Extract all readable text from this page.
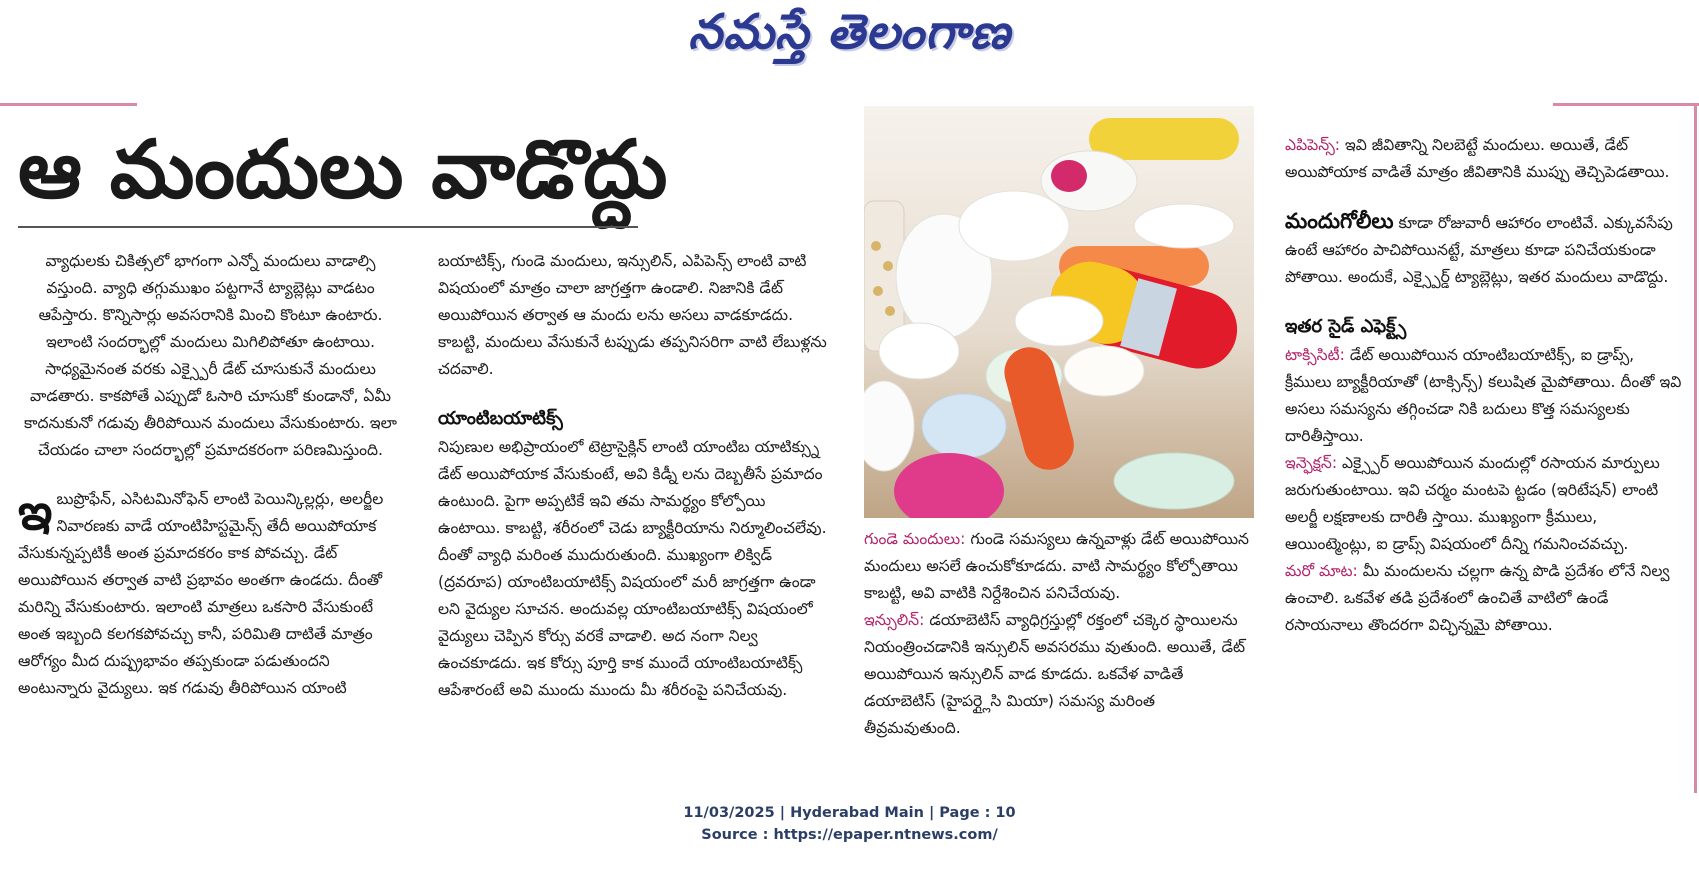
నమస్తే తెలంగాణ
ఆ మందులు వాడొద్దు

వ్యాధులకు చికిత్సలో భాగంగా ఎన్నో మందులు వాడాల్సి వస్తుంది. వ్యాధి తగ్గుముఖం పట్టగానే ట్యాబ్లెట్లు వాడటం ఆపేస్తారు. కొన్నిసార్లు అవసరానికి మించి కొంటూ ఉంటారు. ఇలాంటి సందర్భాల్లో మందులు మిగిలిపోతూ ఉంటాయి. సాధ్యమైనంత వరకు ఎక్స్పైరీ డేట్ చూసుకునే మందులు వాడతారు. కాకపోతే ఎప్పుడో ఓసారి చూసుకో కుండానో, ఏమీ కాదనుకునో గడువు తీరిపోయిన మందులు వేసుకుంటారు. ఇలా చేయడం చాలా సందర్భాల్లో ప్రమాదకరంగా పరిణమిస్తుంది.

ఇబుప్రొఫేన్, ఎసిటమినోఫెన్ లాంటి పెయిన్కిల్లర్లు, అలర్జీల నివారణకు వాడే యాంటిహిస్టమైన్స్ తేదీ అయిపోయాక వేసుకున్నప్పటికీ అంత ప్రమాదకరం కాక పోవచ్చు. డేట్ అయిపోయిన తర్వాత వాటి ప్రభావం అంతగా ఉండదు. దీంతో మరిన్ని వేసుకుంటారు. ఇలాంటి మాత్రలు ఒకసారి వేసుకుంటే అంత ఇబ్బంది కలగకపోవచ్చు కానీ, పరిమితి దాటితే మాత్రం ఆరోగ్యం మీద దుష్ప్రభావం తప్పకుండా పడుతుందని అంటున్నారు వైద్యులు. ఇక గడువు తీరిపోయిన యాంటి

బయాటిక్స్, గుండె మందులు, ఇన్సులిన్, ఎపిపెన్స్ లాంటి వాటి విషయంలో మాత్రం చాలా జాగ్రత్తగా ఉండాలి. నిజానికి డేట్ అయిపోయిన తర్వాత ఆ మందు లను అసలు వాడకూడదు. కాబట్టి, మందులు వేసుకునే టప్పుడు తప్పనిసరిగా వాటి లేబుళ్లను చదవాలి.

యాంటిబయాటిక్స్

నిపుణుల అభిప్రాయంలో టెట్రాసైక్లిన్ లాంటి యాంటిబ యాటిక్స్ను డేట్ అయిపోయాక వేసుకుంటే, అవి కిడ్నీ లను దెబ్బతీసే ప్రమాదం ఉంటుంది. పైగా అప్పటికే ఇవి తమ సామర్థ్యం కోల్పోయి ఉంటాయి. కాబట్టి, శరీరంలో చెడు బ్యాక్టీరియాను నిర్మూలించలేవు. దీంతో వ్యాధి మరింత ముదురుతుంది. ముఖ్యంగా లిక్విడ్ (ద్రవరూప) యాంటిబయాటిక్స్ విషయంలో మరీ జాగ్రత్తగా ఉండా లని వైద్యుల సూచన. అందువల్ల యాంటిబయాటిక్స్ విషయంలో వైద్యులు చెప్పిన కోర్సు వరకే వాడాలి. అద నంగా నిల్వ ఉంచకూడదు. ఇక కోర్సు పూర్తి కాక ముందే యాంటిబయాటిక్స్ ఆపేశారంటే అవి ముందు ముందు మీ శరీరంపై పనిచేయవు.

గుండె మందులు: గుండె సమస్యలు ఉన్నవాళ్లు డేట్ అయిపోయిన మందులు అసలే ఉంచుకోకూడదు. వాటి సామర్థ్యం కోల్పోతాయి కాబట్టి, అవి వాటికి నిర్దేశించిన పనిచేయవు.

ఇన్సులిన్: డయాబెటిస్ వ్యాధిగ్రస్తుల్లో రక్తంలో చక్కెర స్థాయిలను నియంత్రించడానికి ఇన్సులిన్ అవసరము వుతుంది. అయితే, డేట్ అయిపోయిన ఇన్సులిన్ వాడ కూడదు. ఒకవేళ వాడితే డయాబెటిస్ (హైపర్గ్లైసి మియా) సమస్య మరింత తీవ్రమవుతుంది.

ఎపిపెన్స్: ఇవి జీవితాన్ని నిలబెట్టే మందులు. అయితే, డేట్ అయిపోయాక వాడితే మాత్రం జీవితానికి ముప్పు తెచ్చిపెడతాయి.

మందుగోలీలు కూడా రోజువారీ ఆహారం లాంటివే. ఎక్కువసేపు ఉంటే ఆహారం పాచిపోయినట్టే, మాత్రలు కూడా పనిచేయకుండా పోతాయి. అందుకే, ఎక్స్పైర్డ్ ట్యాబ్లెట్లు, ఇతర మందులు వాడొద్దు.

ఇతర సైడ్ ఎఫెక్ట్స్

టాక్సిసిటీ: డేట్ అయిపోయిన యాంటిబయాటిక్స్, ఐ డ్రాప్స్, క్రీములు బ్యాక్టీరియాతో (టాక్సిన్స్) కలుషిత మైపోతాయి. దీంతో ఇవి అసలు సమస్యను తగ్గించడా నికి బదులు కొత్త సమస్యలకు దారితీస్తాయి.

ఇన్ఫెక్షన్: ఎక్స్పైర్ అయిపోయిన మందుల్లో రసాయన మార్పులు జరుగుతుంటాయి. ఇవి చర్మం మంటపె ట్టడం (ఇరిటేషన్) లాంటి అలర్జీ లక్షణాలకు దారితీ స్తాయి. ముఖ్యంగా క్రీములు, ఆయింట్మెంట్లు, ఐ డ్రాప్స్ విషయంలో దీన్ని గమనించవచ్చు.

మరో మాట: మీ మందులను చల్లగా ఉన్న పొడి ప్రదేశం లోనే నిల్వ ఉంచాలి. ఒకవేళ తడి ప్రదేశంలో ఉంచితే వాటిలో ఉండే రసాయనాలు తొందరగా విచ్ఛిన్నమై పోతాయి.

11/03/2025 | Hyderabad Main | Page : 10
Source : https://epaper.ntnews.com/
